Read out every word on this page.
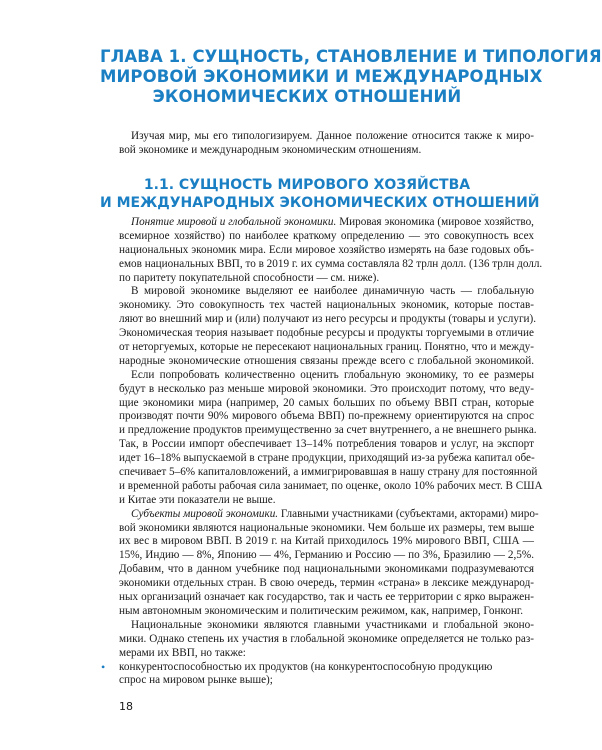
ГЛАВА 1. СУЩНОСТЬ, СТАНОВЛЕНИЕ И ТИПОЛОГИЯ
МИРОВОЙ ЭКОНОМИКИ И МЕЖДУНАРОДНЫХ
ЭКОНОМИЧЕСКИХ ОТНОШЕНИЙ
Изучая мир, мы его типологизируем. Данное положение относится также к миро-
вой экономике и международным экономическим отношениям.
1.1. СУЩНОСТЬ МИРОВОГО ХОЗЯЙСТВА
И МЕЖДУНАРОДНЫХ ЭКОНОМИЧЕСКИХ ОТНОШЕНИЙ
Понятие мировой и глобальной экономики. Мировая экономика (мировое хозяйство,
всемирное хозяйство) по наиболее краткому определению — это совокупность всех
национальных экономик мира. Если мировое хозяйство измерять на базе годовых объ-
емов национальных ВВП, то в 2019 г. их сумма составляла 82 трлн долл. (136 трлн долл.
по паритету покупательной способности — см. ниже).
В мировой экономике выделяют ее наиболее динамичную часть — глобальную
экономику. Это совокупность тех частей национальных экономик, которые постав-
ляют во внешний мир и (или) получают из него ресурсы и продукты (товары и услуги).
Экономическая теория называет подобные ресурсы и продукты торгуемыми в отличие
от неторгуемых, которые не пересекают национальных границ. Понятно, что и между-
народные экономические отношения связаны прежде всего с глобальной экономикой.
Если попробовать количественно оценить глобальную экономику, то ее размеры
будут в несколько раз меньше мировой экономики. Это происходит потому, что веду-
щие экономики мира (например, 20 самых больших по объему ВВП стран, которые
производят почти 90% мирового объема ВВП) по-прежнему ориентируются на спрос
и предложение продуктов преимущественно за счет внутреннего, а не внешнего рынка.
Так, в России импорт обеспечивает 13–14% потребления товаров и услуг, на экспорт
идет 16–18% выпускаемой в стране продукции, приходящий из-за рубежа капитал обе-
спечивает 5–6% капиталовложений, а иммигрировавшая в нашу страну для постоянной
и временной работы рабочая сила занимает, по оценке, около 10% рабочих мест. В США
и Китае эти показатели не выше.
Субъекты мировой экономики. Главными участниками (субъектами, акторами) миро-
вой экономики являются национальные экономики. Чем больше их размеры, тем выше
их вес в мировом ВВП. В 2019 г. на Китай приходилось 19% мирового ВВП, США —
15%, Индию — 8%, Японию — 4%, Германию и Россию — по 3%, Бразилию — 2,5%.
Добавим, что в данном учебнике под национальными экономиками подразумеваются
экономики отдельных стран. В свою очередь, термин «страна» в лексике международ-
ных организаций означает как государство, так и часть ее территории с ярко выражен-
ным автономным экономическим и политическим режимом, как, например, Гонконг.
Национальные экономики являются главными участниками и глобальной эконо-
мики. Однако степень их участия в глобальной экономике определяется не только раз-
мерами их ВВП, но также:
• конкурентоспособностью их продуктов (на конкурентоспособную продукцию
спрос на мировом рынке выше);
18
